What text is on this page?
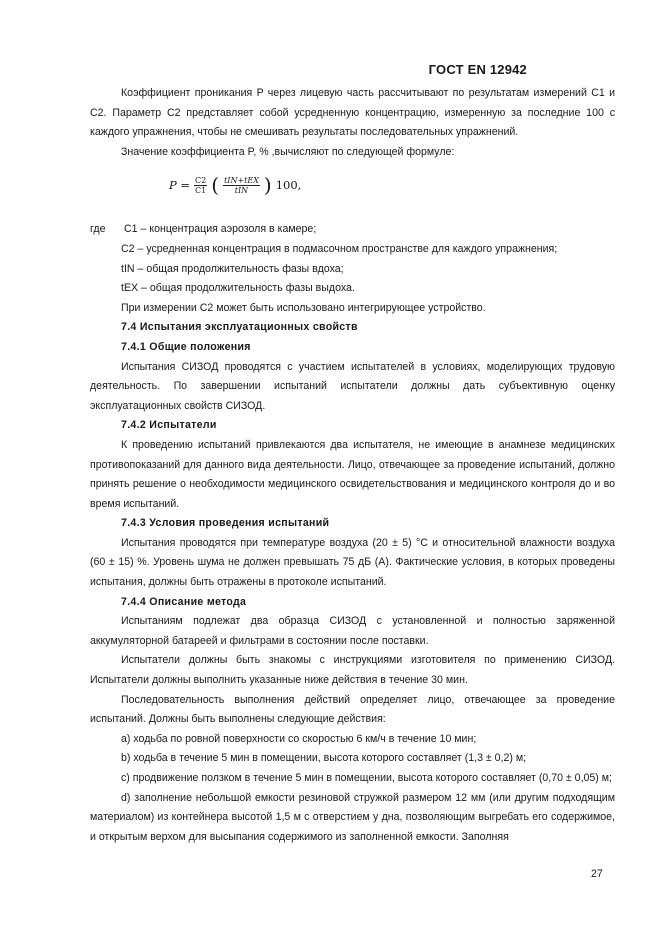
ГОСТ EN 12942

Коэффициент проникания P через лицевую часть рассчитывают по результатам измерений C1 и C2. Параметр C2 представляет собой усредненную концентрацию, измеренную за последние 100 с каждого упражнения, чтобы не смешивать результаты последовательных упражнений.

Значение коэффициента P, % ,вычисляют по следующей формуле:

$P = \frac{C2}{C1}$ ( $\frac{\text{tIN+tEX}}{\text{tIN}}$ ) 100,
где	C1 – концентрация аэрозоля в камере;

C2 – усредненная концентрация в подмасочном пространстве для каждого упражнения;

tIN – общая продолжительность фазы вдоха;

tEX – общая продолжительность фазы выдоха.

При измерении C2 может быть использовано интегрирующее устройство.

7.4 Испытания эксплуатационных свойств

7.4.1 Общие положения

Испытания СИЗОД проводятся с участием испытателей в условиях, моделирующих трудовую деятельность. По завершении испытаний испытатели должны дать субъективную оценку эксплуатационных свойств СИЗОД.

7.4.2 Испытатели

К проведению испытаний привлекаются два испытателя, не имеющие в анамнезе медицинских противопоказаний для данного вида деятельности. Лицо, отвечающее за проведение испытаний, должно принять решение о необходимости медицинского освидетельствования и медицинского контроля до и во время испытаний.

7.4.3 Условия проведения испытаний

Испытания проводятся при температуре воздуха (20 ± 5) °С и относительной влажности воздуха (60 ± 15) %. Уровень шума не должен превышать 75 дБ (A). Фактические условия, в которых проведены испытания, должны быть отражены в протоколе испытаний.

7.4.4 Описание метода

Испытаниям подлежат два образца СИЗОД с установленной и полностью заряженной аккумуляторной батареей и фильтрами в состоянии после поставки.

Испытатели должны быть знакомы с инструкциями изготовителя по применению СИЗОД. Испытатели должны выполнить указанные ниже действия в течение 30 мин.

Последовательность выполнения действий определяет лицо, отвечающее за проведение испытаний. Должны быть выполнены следующие действия:

a) ходьба по ровной поверхности со скоростью 6 км/ч в течение 10 мин;

b) ходьба в течение 5 мин в помещении, высота которого составляет (1,3 ± 0,2) м;

c) продвижение ползком в течение 5 мин в помещении, высота которого составляет (0,70 ± 0,05) м;

d) заполнение небольшой емкости резиновой стружкой размером 12 мм (или другим подходящим материалом) из контейнера высотой 1,5 м с отверстием у дна, позволяющим выгребать его содержимое, и открытым верхом для высыпания содержимого из заполненной емкости. Заполняя

27
